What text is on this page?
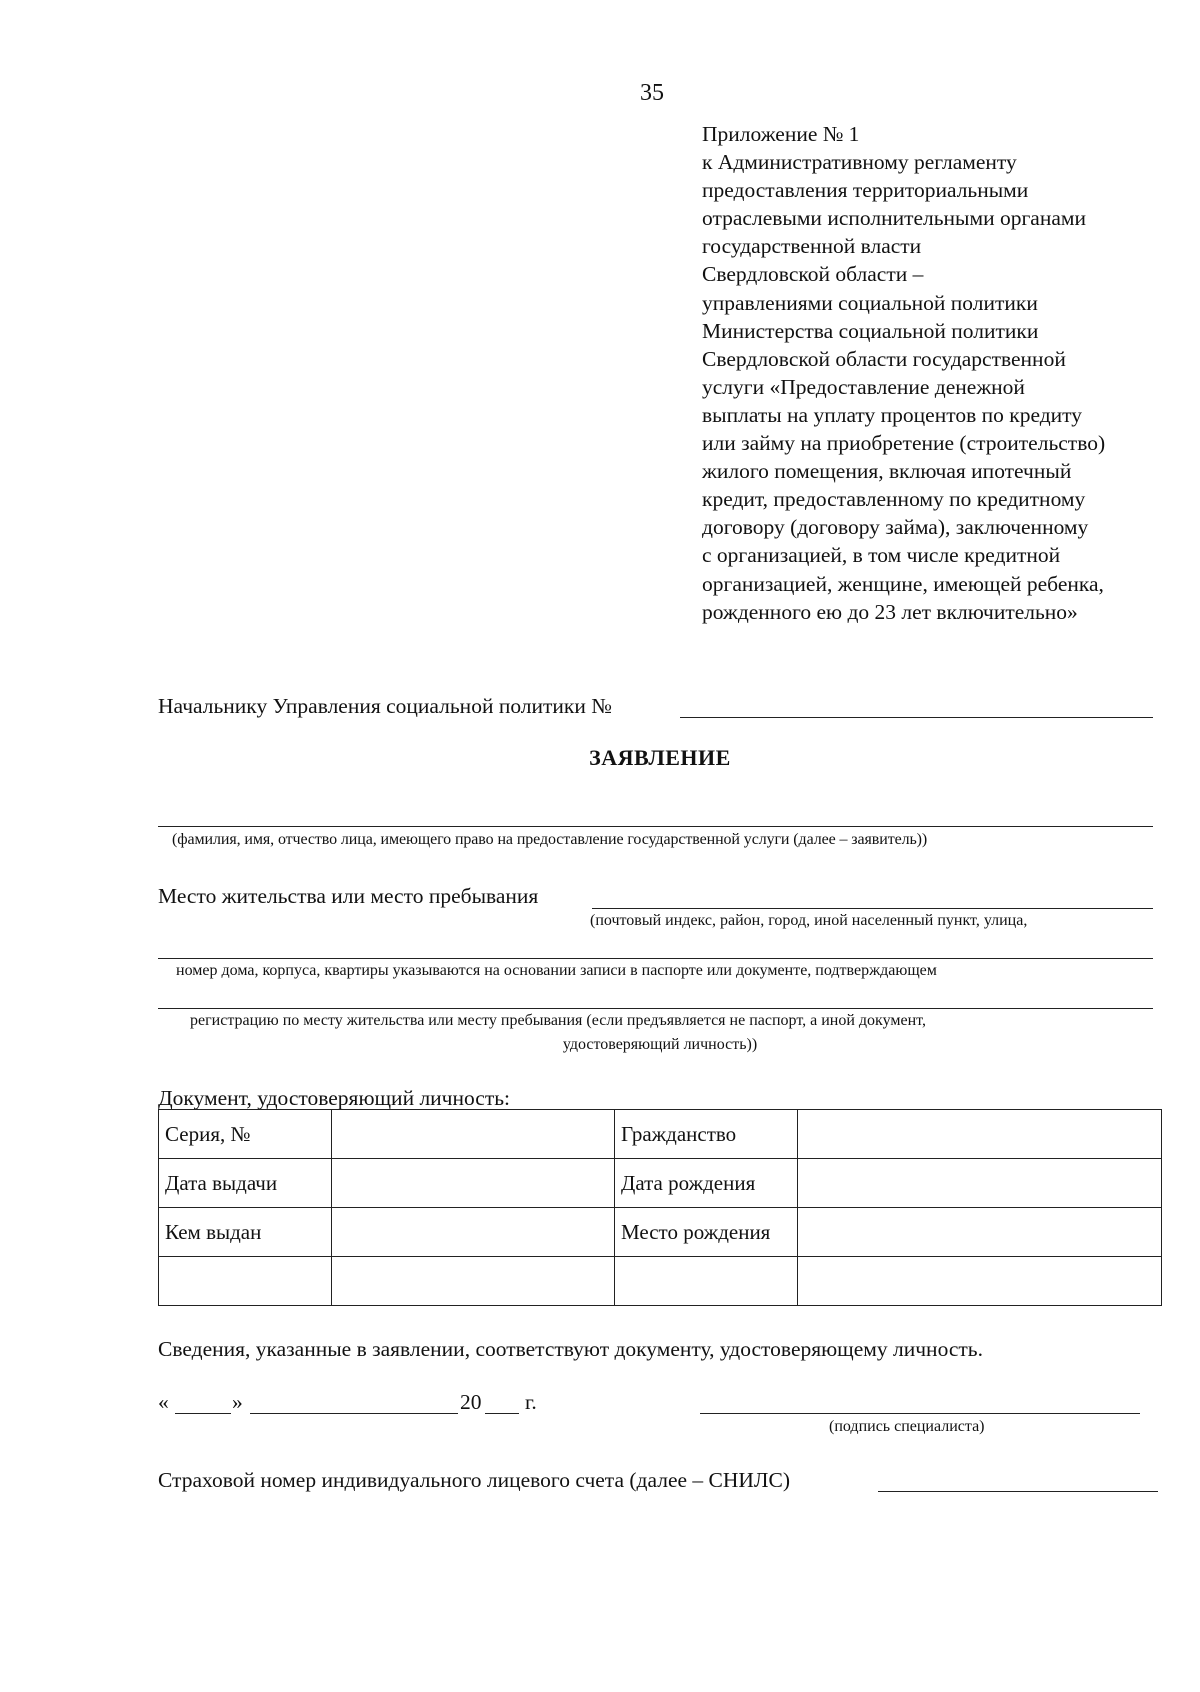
35
Приложение № 1
к Административному регламенту
предоставления территориальными
отраслевыми исполнительными органами
государственной власти
Свердловской области –
управлениями социальной политики
Министерства социальной политики
Свердловской области государственной
услуги «Предоставление денежной
выплаты на уплату процентов по кредиту
или займу на приобретение (строительство)
жилого помещения, включая ипотечный
кредит, предоставленному по кредитному
договору (договору займа), заключенному
с организацией, в том числе кредитной
организацией, женщине, имеющей ребенка,
рожденного ею до 23 лет включительно»
Начальнику Управления социальной политики №
ЗАЯВЛЕНИЕ
(фамилия, имя, отчество лица, имеющего право на предоставление государственной услуги (далее – заявитель))
Место жительства или место пребывания
(почтовый индекс, район, город, иной населенный пункт, улица,
номер дома, корпуса, квартиры указываются на основании записи в паспорте или документе, подтверждающем
регистрацию по месту жительства или месту пребывания (если предъявляется не паспорт, а иной документ,
удостоверяющий личность))
Документ, удостоверяющий личность:
Серия, №		Гражданство	
Дата выдачи		Дата рождения	
Кем выдан		Место рождения	

Сведения, указанные в заявлении, соответствуют документу, удостоверяющему личность.
«	»	20 г.
(подпись специалиста)
Страховой номер индивидуального лицевого счета (далее – СНИЛС)
